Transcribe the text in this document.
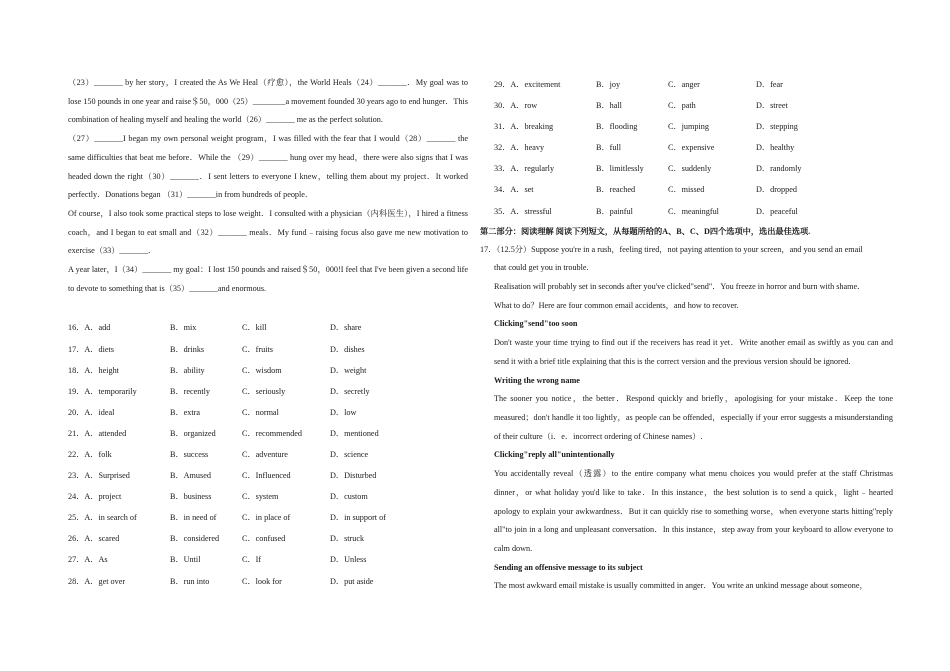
（23）_______ by her story，I created the As We Heal（疗愈），the World Heals（24）_______．My goal was to lose 150 pounds in one year and raise＄50，000（25）________a movement founded 30 years ago to end hunger．This combination of healing myself and healing the world（26）_______ me as the perfect solution.

（27）_______I began my own personal weight program，I was filled with the fear that I would（28）_______ the same difficulties that beat me before．While the （29）_______ hung over my head，there were also signs that I was headed down the right（30）_______．I sent letters to everyone I knew，telling them about my project．It worked perfectly．Donations began （31）_______in from hundreds of people．

Of course，I also took some practical steps to lose weight．I consulted with a physician（内科医生），I hired a fitness coach，and I began to eat small and（32）_______ meals．My fund﹣raising focus also gave me new motivation to exercise（33）_______．

A year later，I（34）_______ my goal：I lost 150 pounds and raised＄50，000!I feel that I've been given a second life to devote to something that is（35）_______and enormous.

16．A．add	B．mix	C．kill	D．share
17．A．diets	B．drinks	C．fruits	D．dishes
18．A．height	B．ability	C．wisdom	D．weight
19．A．temporarily	B．recently	C．seriously	D．secretly
20．A．ideal	B．extra	C．normal	D．low
21．A．attended	B．organized	C．recommended	D．mentioned
22．A．folk	B．success	C．adventure	D．science
23．A．Surprised	B．Amused	C．Influenced	D．Disturbed
24．A．project	B．business	C．system	D．custom
25．A．in search of	B．in need of	C．in place of	D．in support of
26．A．scared	B．considered	C．confused	D．struck
27．A．As	B．Until	C．If	D．Unless
28．A．get over	B．run into	C．look for	D．put aside
29．A．excitement	B．joy	C．anger	D．fear
30．A．row	B．hall	C．path	D．street
31．A．breaking	B．flooding	C．jumping	D．stepping
32．A．heavy	B．full	C．expensive	D．healthy
33．A．regularly	B．limitlessly	C．suddenly	D．randomly
34．A．set	B．reached	C．missed	D．dropped
35．A．stressful	B．painful	C．meaningful	D．peaceful
第二部分：阅读理解 阅读下列短文，从每题所给的A、B、C、D四个选项中，选出最佳选项.
17．（12.5分）Suppose you're in a rush，feeling tired，not paying attention to your screen，and you send an email

that could get you in trouble.

Realisation will probably set in seconds after you've clicked"send"．You freeze in horror and burn with shame．

What to do？Here are four common email accidents，and how to recover.

Clicking"send"too soon

Don't waste your time trying to find out if the receivers has read it yet．Write another email as swiftly as you can and send it with a brief title explaining that this is the correct version and the previous version should be ignored.

Writing the wrong name

The sooner you notice，the better．Respond quickly and briefly，apologising for your mistake．Keep the tone measured；don't handle it too lightly，as people can be offended，especially if your error suggests a misunderstanding of their culture（i．e．incorrect ordering of Chinese names）.

Clicking"reply all"unintentionally

You accidentally reveal（透露）to the entire company what menu choices you would prefer at the staff Christmas dinner，or what holiday you'd like to take．In this instance，the best solution is to send a quick，light﹣hearted apology to explain your awkwardness．But it can quickly rise to something worse，when everyone starts hitting"reply all"to join in a long and unpleasant conversation．In this instance，step away from your keyboard to allow everyone to calm down.

Sending an offensive message to its subject

The most awkward email mistake is usually committed in anger．You write an unkind message about someone，
